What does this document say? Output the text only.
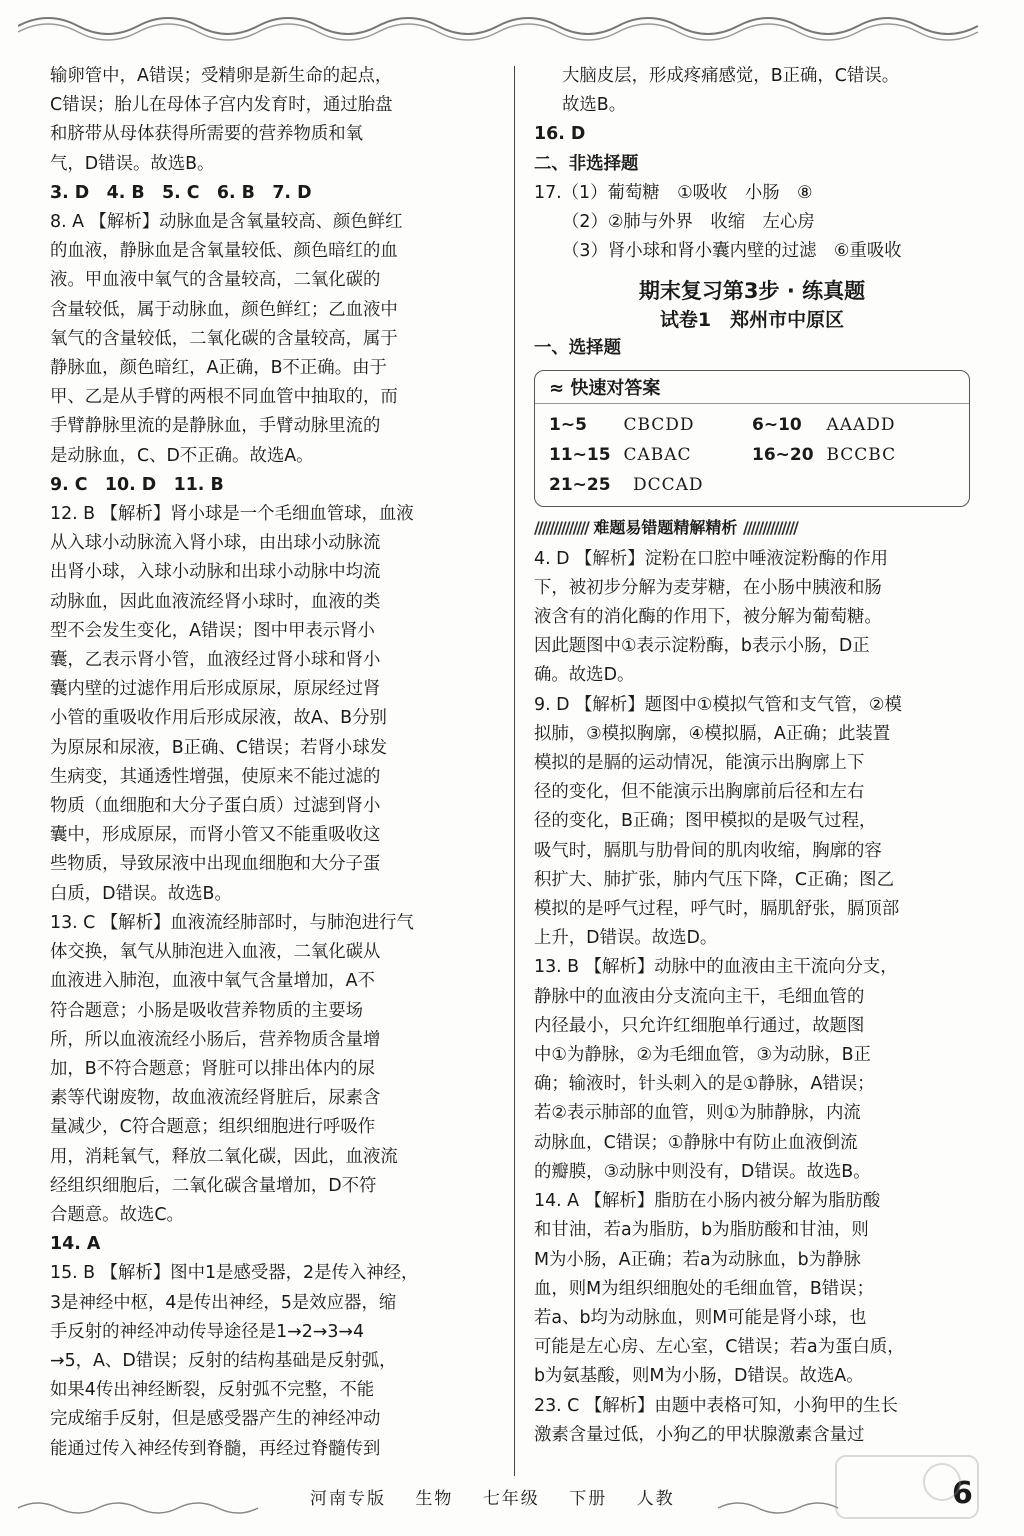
输卵管中，A错误；受精卵是新生命的起点，
C错误；胎儿在母体子宫内发育时，通过胎盘
和脐带从母体获得所需要的营养物质和氧
气，D错误。故选B。
3. D　4. B　5. C　6. B　7. D
8. A 【解析】动脉血是含氧量较高、颜色鲜红
的血液，静脉血是含氧量较低、颜色暗红的血
液。甲血液中氧气的含量较高，二氧化碳的
含量较低，属于动脉血，颜色鲜红；乙血液中
氧气的含量较低，二氧化碳的含量较高，属于
静脉血，颜色暗红，A正确，B不正确。由于
甲、乙是从手臂的两根不同血管中抽取的，而
手臂静脉里流的是静脉血，手臂动脉里流的
是动脉血，C、D不正确。故选A。
9. C　10. D　11. B
12. B 【解析】肾小球是一个毛细血管球，血液
从入球小动脉流入肾小球，由出球小动脉流
出肾小球，入球小动脉和出球小动脉中均流
动脉血，因此血液流经肾小球时，血液的类
型不会发生变化，A错误；图中甲表示肾小
囊，乙表示肾小管，血液经过肾小球和肾小
囊内壁的过滤作用后形成原尿，原尿经过肾
小管的重吸收作用后形成尿液，故A、B分别
为原尿和尿液，B正确、C错误；若肾小球发
生病变，其通透性增强，使原来不能过滤的
物质（血细胞和大分子蛋白质）过滤到肾小
囊中，形成原尿，而肾小管又不能重吸收这
些物质，导致尿液中出现血细胞和大分子蛋
白质，D错误。故选B。
13. C 【解析】血液流经肺部时，与肺泡进行气
体交换，氧气从肺泡进入血液，二氧化碳从
血液进入肺泡，血液中氧气含量增加，A不
符合题意；小肠是吸收营养物质的主要场
所，所以血液流经小肠后，营养物质含量增
加，B不符合题意；肾脏可以排出体内的尿
素等代谢废物，故血液流经肾脏后，尿素含
量减少，C符合题意；组织细胞进行呼吸作
用，消耗氧气，释放二氧化碳，因此，血液流
经组织细胞后，二氧化碳含量增加，D不符
合题意。故选C。
14. A
15. B 【解析】图中1是感受器，2是传入神经，
3是神经中枢，4是传出神经，5是效应器，缩
手反射的神经冲动传导途径是1→2→3→4
→5，A、D错误；反射的结构基础是反射弧，
如果4传出神经断裂，反射弧不完整，不能
完成缩手反射，但是感受器产生的神经冲动
能通过传入神经传到脊髓，再经过脊髓传到
大脑皮层，形成疼痛感觉，B正确，C错误。
故选B。
16. D
二、非选择题
17.（1）葡萄糖　①吸收　小肠　⑧
（2）②肺与外界　收缩　左心房
（3）肾小球和肾小囊内壁的过滤　⑥重吸收
期末复习第3步 · 练真题
试卷1　郑州市中原区
一、选择题
≈ 快速对答案
1~5	CBCDD	6~10	AAADD
11~15 CABAC	16~20 BCCBC
21~25	DCCAD
////////////// 难题易错题精解精析 //////////////
4. D 【解析】淀粉在口腔中唾液淀粉酶的作用
下，被初步分解为麦芽糖，在小肠中胰液和肠
液含有的消化酶的作用下，被分解为葡萄糖。
因此题图中①表示淀粉酶，b表示小肠，D正
确。故选D。
9. D 【解析】题图中①模拟气管和支气管，②模
拟肺，③模拟胸廓，④模拟膈，A正确；此装置
模拟的是膈的运动情况，能演示出胸廓上下
径的变化，但不能演示出胸廓前后径和左右
径的变化，B正确；图甲模拟的是吸气过程，
吸气时，膈肌与肋骨间的肌肉收缩，胸廓的容
积扩大、肺扩张，肺内气压下降，C正确；图乙
模拟的是呼气过程，呼气时，膈肌舒张，膈顶部
上升，D错误。故选D。
13. B 【解析】动脉中的血液由主干流向分支，
静脉中的血液由分支流向主干，毛细血管的
内径最小，只允许红细胞单行通过，故题图
中①为静脉，②为毛细血管，③为动脉，B正
确；输液时，针头刺入的是①静脉，A错误；
若②表示肺部的血管，则①为肺静脉，内流
动脉血，C错误；①静脉中有防止血液倒流
的瓣膜，③动脉中则没有，D错误。故选B。
14. A 【解析】脂肪在小肠内被分解为脂肪酸
和甘油，若a为脂肪，b为脂肪酸和甘油，则
M为小肠，A正确；若a为动脉血，b为静脉
血，则M为组织细胞处的毛细血管，B错误；
若a、b均为动脉血，则M可能是肾小球，也
可能是左心房、左心室，C错误；若a为蛋白质，
b为氨基酸，则M为小肠，D错误。故选A。
23. C 【解析】由题中表格可知，小狗甲的生长
激素含量过低，小狗乙的甲状腺激素含量过
河南专版 生物 七年级 下册 人教	6
